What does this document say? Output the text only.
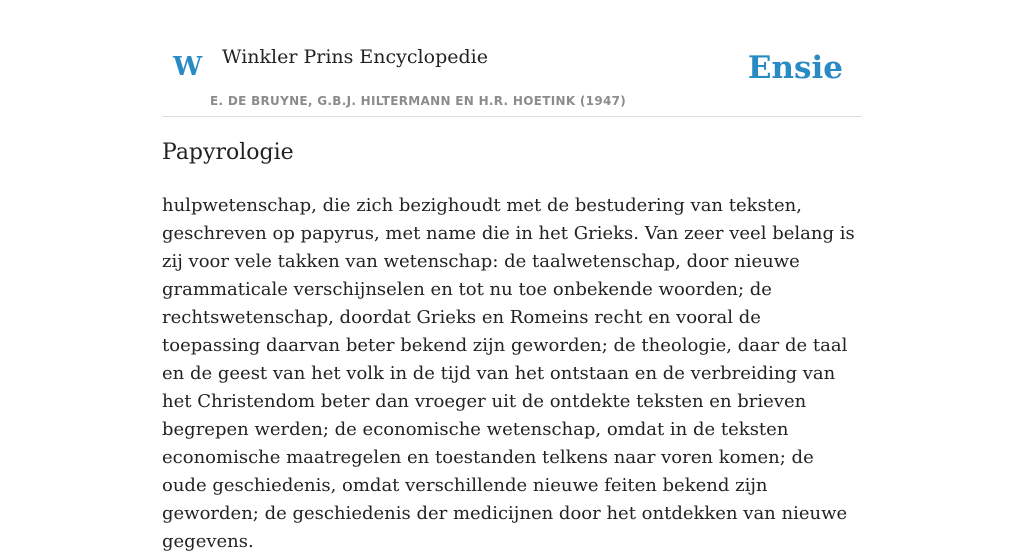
W Winkler Prins Encyclopedie
E. DE BRUYNE, G.B.J. HILTERMANN EN H.R. HOETINK (1947)
Ensie
Papyrologie

hulpwetenschap, die zich bezighoudt met de bestudering van teksten, geschreven op papyrus, met name die in het Grieks. Van zeer veel belang is zij voor vele takken van wetenschap: de taalwetenschap, door nieuwe grammaticale verschijnselen en tot nu toe onbekende woorden; de rechtswetenschap, doordat Grieks en Romeins recht en vooral de toepassing daarvan beter bekend zijn geworden; de theologie, daar de taal en de geest van het volk in de tijd van het ontstaan en de verbreiding van het Christendom beter dan vroeger uit de ontdekte teksten en brieven begrepen werden; de economische wetenschap, omdat in de teksten economische maatregelen en toestanden telkens naar voren komen; de oude geschiedenis, omdat verschillende nieuwe feiten bekend zijn geworden; de geschiedenis der medicijnen door het ontdekken van nieuwe gegevens.
